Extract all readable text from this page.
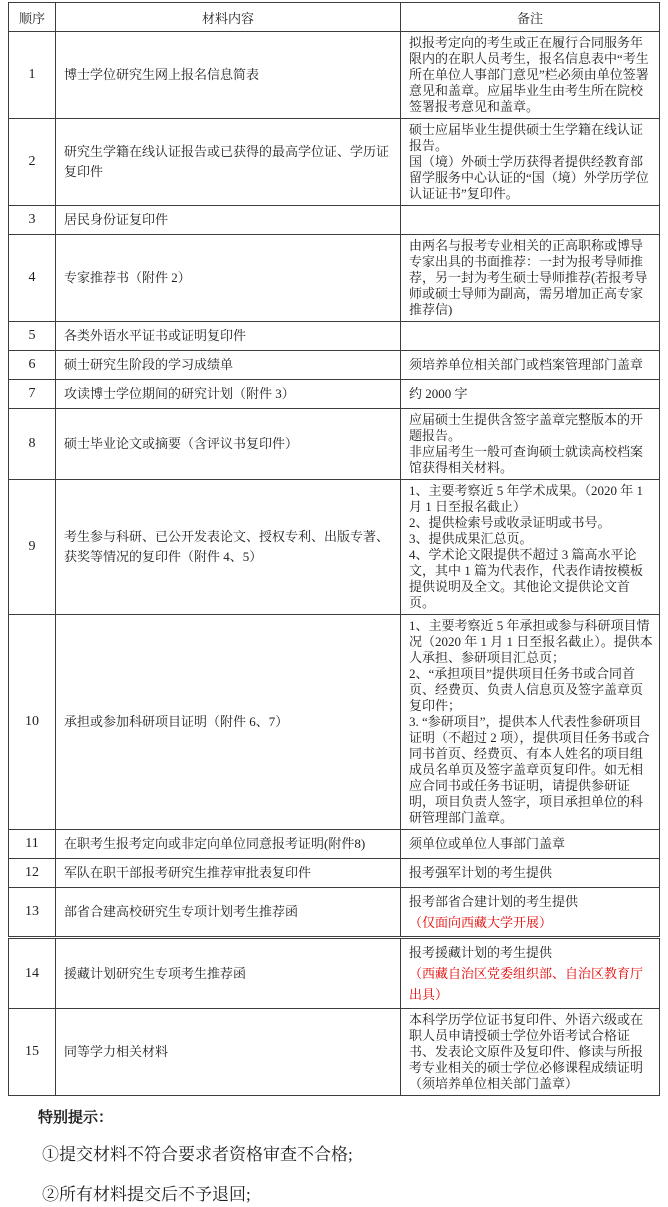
顺序	材料内容	备注
1	博士学位研究生网上报名信息简表	拟报考定向的考生或正在履行合同服务年限内的在职人员考生，报名信息表中“考生所在单位人事部门意见”栏必须由单位签署意见和盖章。应届毕业生由考生所在院校签署报考意见和盖章。

2	研究生学籍在线认证报告或已获得的最高学位证、学历证复印件	硕士应届毕业生提供硕士生学籍在线认证报告。
国（境）外硕士学历获得者提供经教育部留学服务中心认证的“国（境）外学历学位认证证书”复印件。

3	居民身份证复印件	
4	专家推荐书（附件 2）	由两名与报考专业相关的正高职称或博导专家出具的书面推荐：一封为报考导师推荐，另一封为考生硕士导师推荐(若报考导师或硕士导师为副高，需另增加正高专家推荐信)

5	各类外语水平证书或证明复印件	
6	硕士研究生阶段的学习成绩单	须培养单位相关部门或档案管理部门盖章

7	攻读博士学位期间的研究计划（附件 3）	约 2000 字

8	硕士毕业论文或摘要（含评议书复印件）	应届硕士生提供含签字盖章完整版本的开题报告。
非应届考生一般可查询硕士就读高校档案馆获得相关材料。

9	考生参与科研、已公开发表论文、授权专利、出版专著、获奖等情况的复印件（附件 4、5）	1、主要考察近 5 年学术成果。（2020 年 1 月 1 日至报名截止）
2、提供检索号或收录证明或书号。
3、提供成果汇总页。
4、学术论文限提供不超过 3 篇高水平论文，其中 1 篇为代表作，代表作请按模板提供说明及全文。其他论文提供论文首页。

10	承担或参加科研项目证明（附件 6、7）	1、主要考察近 5 年承担或参与科研项目情况（2020 年 1 月 1 日至报名截止）。提供本人承担、参研项目汇总页；
2、“承担项目”提供项目任务书或合同首页、经费页、负责人信息页及签字盖章页复印件；
3. “参研项目”，提供本人代表性参研项目证明（不超过 2 项），提供项目任务书或合同书首页、经费页、有本人姓名的项目组成员名单页及签字盖章页复印件。如无相应合同书或任务书证明，请提供参研证明，项目负责人签字，项目承担单位的科研管理部门盖章。

11	在职考生报考定向或非定向单位同意报考证明(附件8)	须单位或单位人事部门盖章

12	军队在职干部报考研究生推荐审批表复印件	报考强军计划的考生提供

13	部省合建高校研究生专项计划考生推荐函	报考部省合建计划的考生提供
（仅面向西藏大学开展）

14	援藏计划研究生专项考生推荐函	报考援藏计划的考生提供
（西藏自治区党委组织部、自治区教育厅出具）

15	同等学力相关材料	本科学历学位证书复印件、外语六级或在职人员申请授硕士学位外语考试合格证书、发表论文原件及复印件、修读与所报考专业相关的硕士学位必修课程成绩证明（须培养单位相关部门盖章）
特别提示：
①提交材料不符合要求者资格审查不合格;
②所有材料提交后不予退回;
